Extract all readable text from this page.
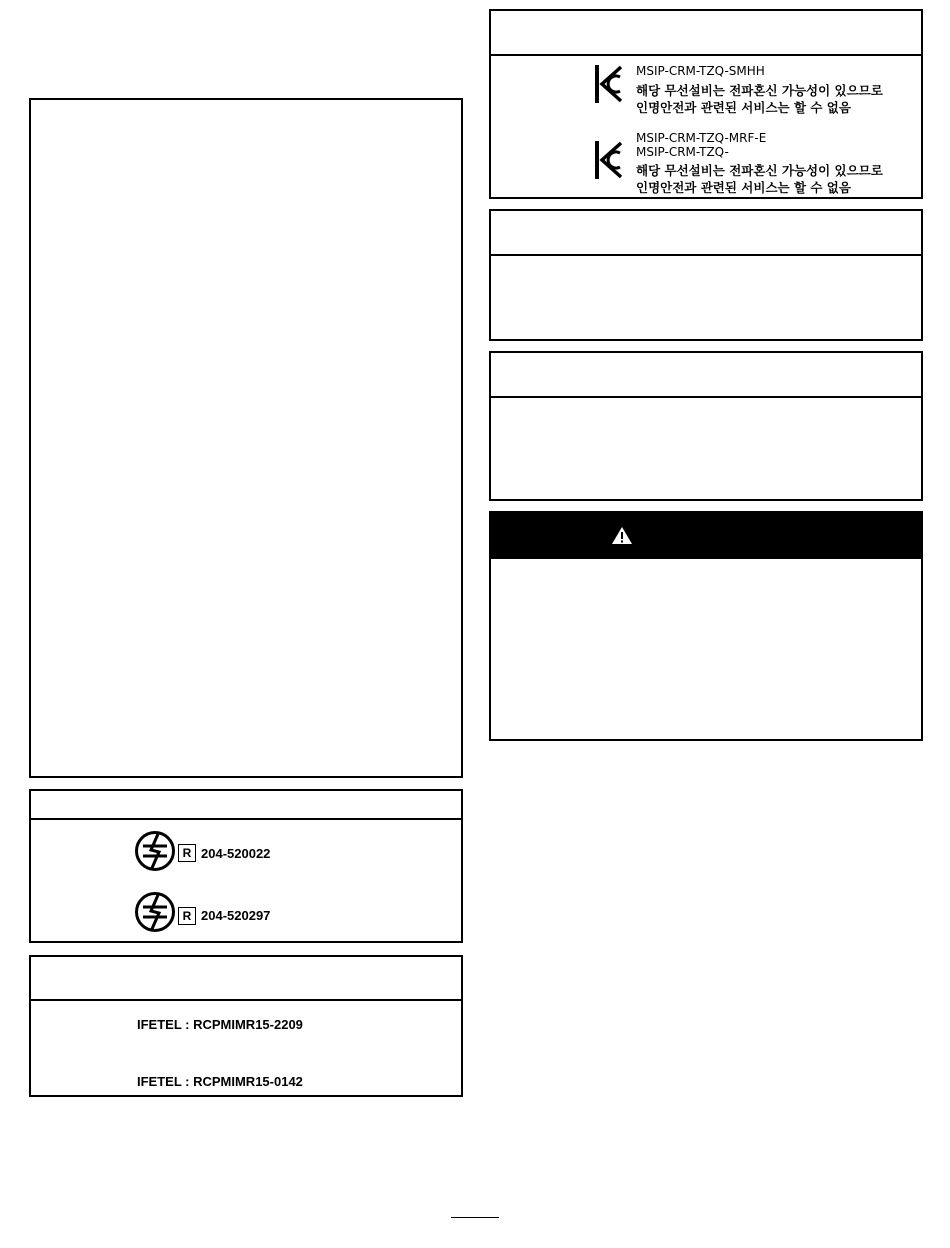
R 204-520022
R 204-520297
IFETEL : RCPMIMR15-2209
IFETEL : RCPMIMR15-0142
MSIP-CRM-TZQ-SMHH
해당 무선설비는 전파혼신 가능성이 있으므로
인명안전과 관련된 서비스는 할 수 없음
MSIP-CRM-TZQ-MRF-E
MSIP-CRM-TZQ-
해당 무선설비는 전파혼신 가능성이 있으므로
인명안전과 관련된 서비스는 할 수 없음
